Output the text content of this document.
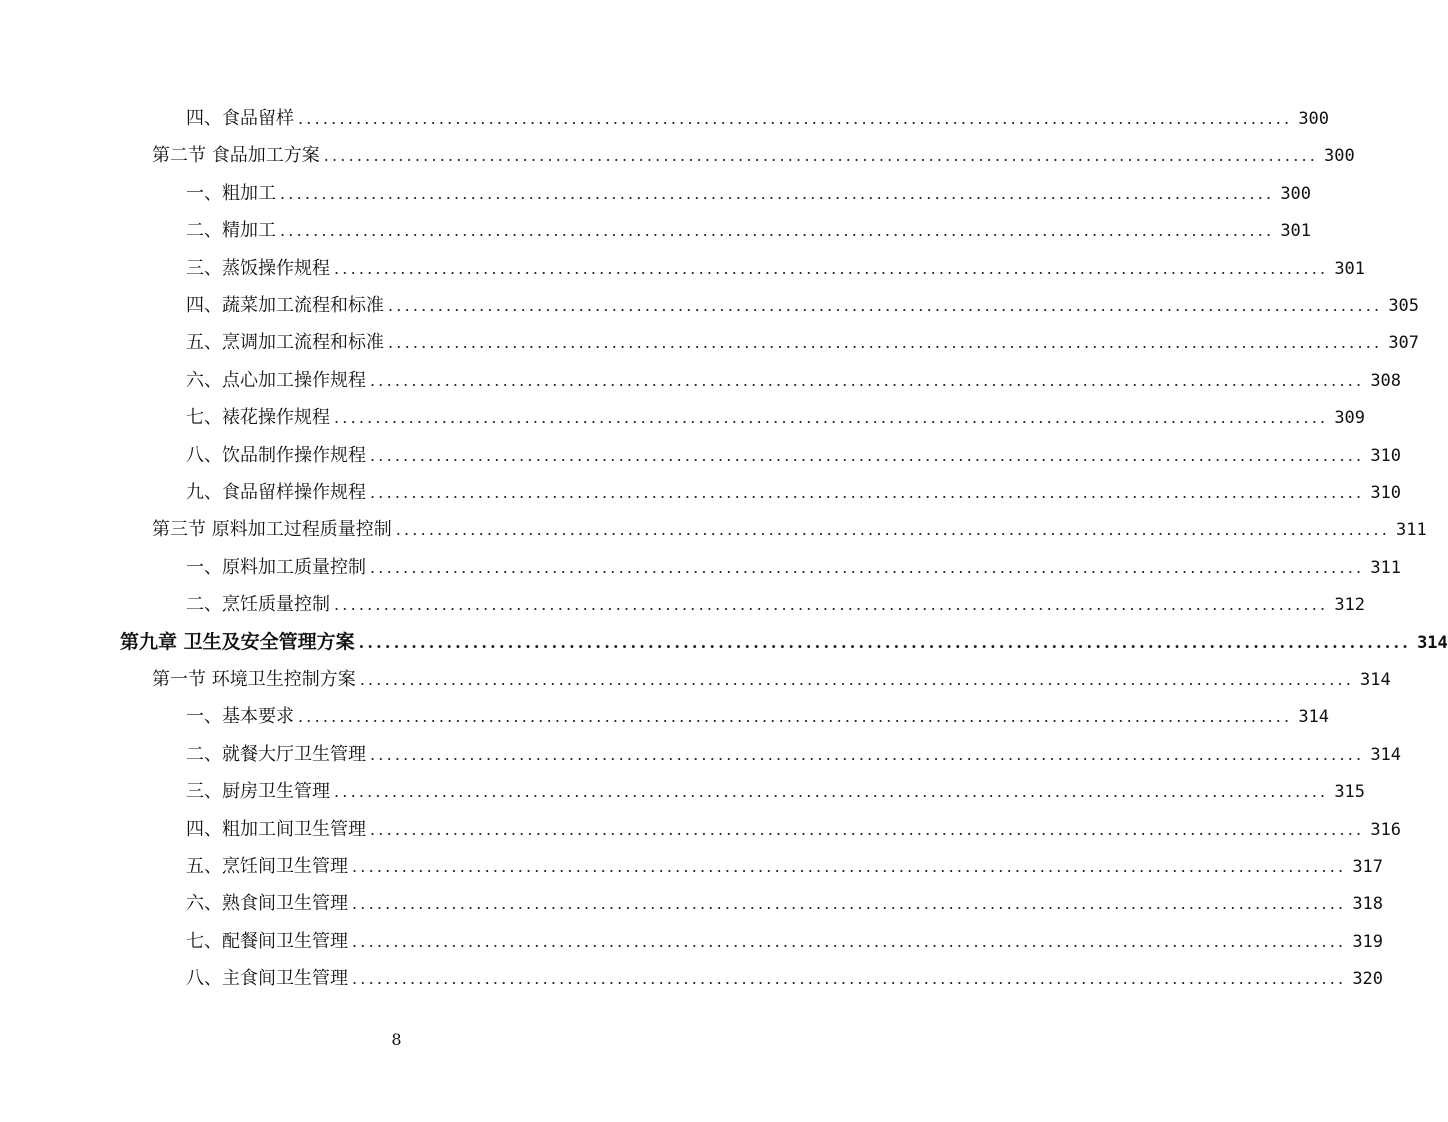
四、食品留样 ........................................................................................................................ 300
第二节 食品加工方案 ........................................................................................................................ 300
一、粗加工 ........................................................................................................................ 300
二、精加工 ........................................................................................................................ 301
三、蒸饭操作规程 ........................................................................................................................ 301
四、蔬菜加工流程和标准 ........................................................................................................................ 305
五、烹调加工流程和标准 ........................................................................................................................ 307
六、点心加工操作规程 ........................................................................................................................ 308
七、裱花操作规程 ........................................................................................................................ 309
八、饮品制作操作规程 ........................................................................................................................ 310
九、食品留样操作规程 ........................................................................................................................ 310
第三节 原料加工过程质量控制 ........................................................................................................................ 311
一、原料加工质量控制 ........................................................................................................................ 311
二、烹饪质量控制 ........................................................................................................................ 312
第九章 卫生及安全管理方案 ........................................................................................................................ 314
第一节 环境卫生控制方案 ........................................................................................................................ 314
一、基本要求 ........................................................................................................................ 314
二、就餐大厅卫生管理 ........................................................................................................................ 314
三、厨房卫生管理 ........................................................................................................................ 315
四、粗加工间卫生管理 ........................................................................................................................ 316
五、烹饪间卫生管理 ........................................................................................................................ 317
六、熟食间卫生管理 ........................................................................................................................ 318
七、配餐间卫生管理 ........................................................................................................................ 319
八、主食间卫生管理 ........................................................................................................................ 320
8
